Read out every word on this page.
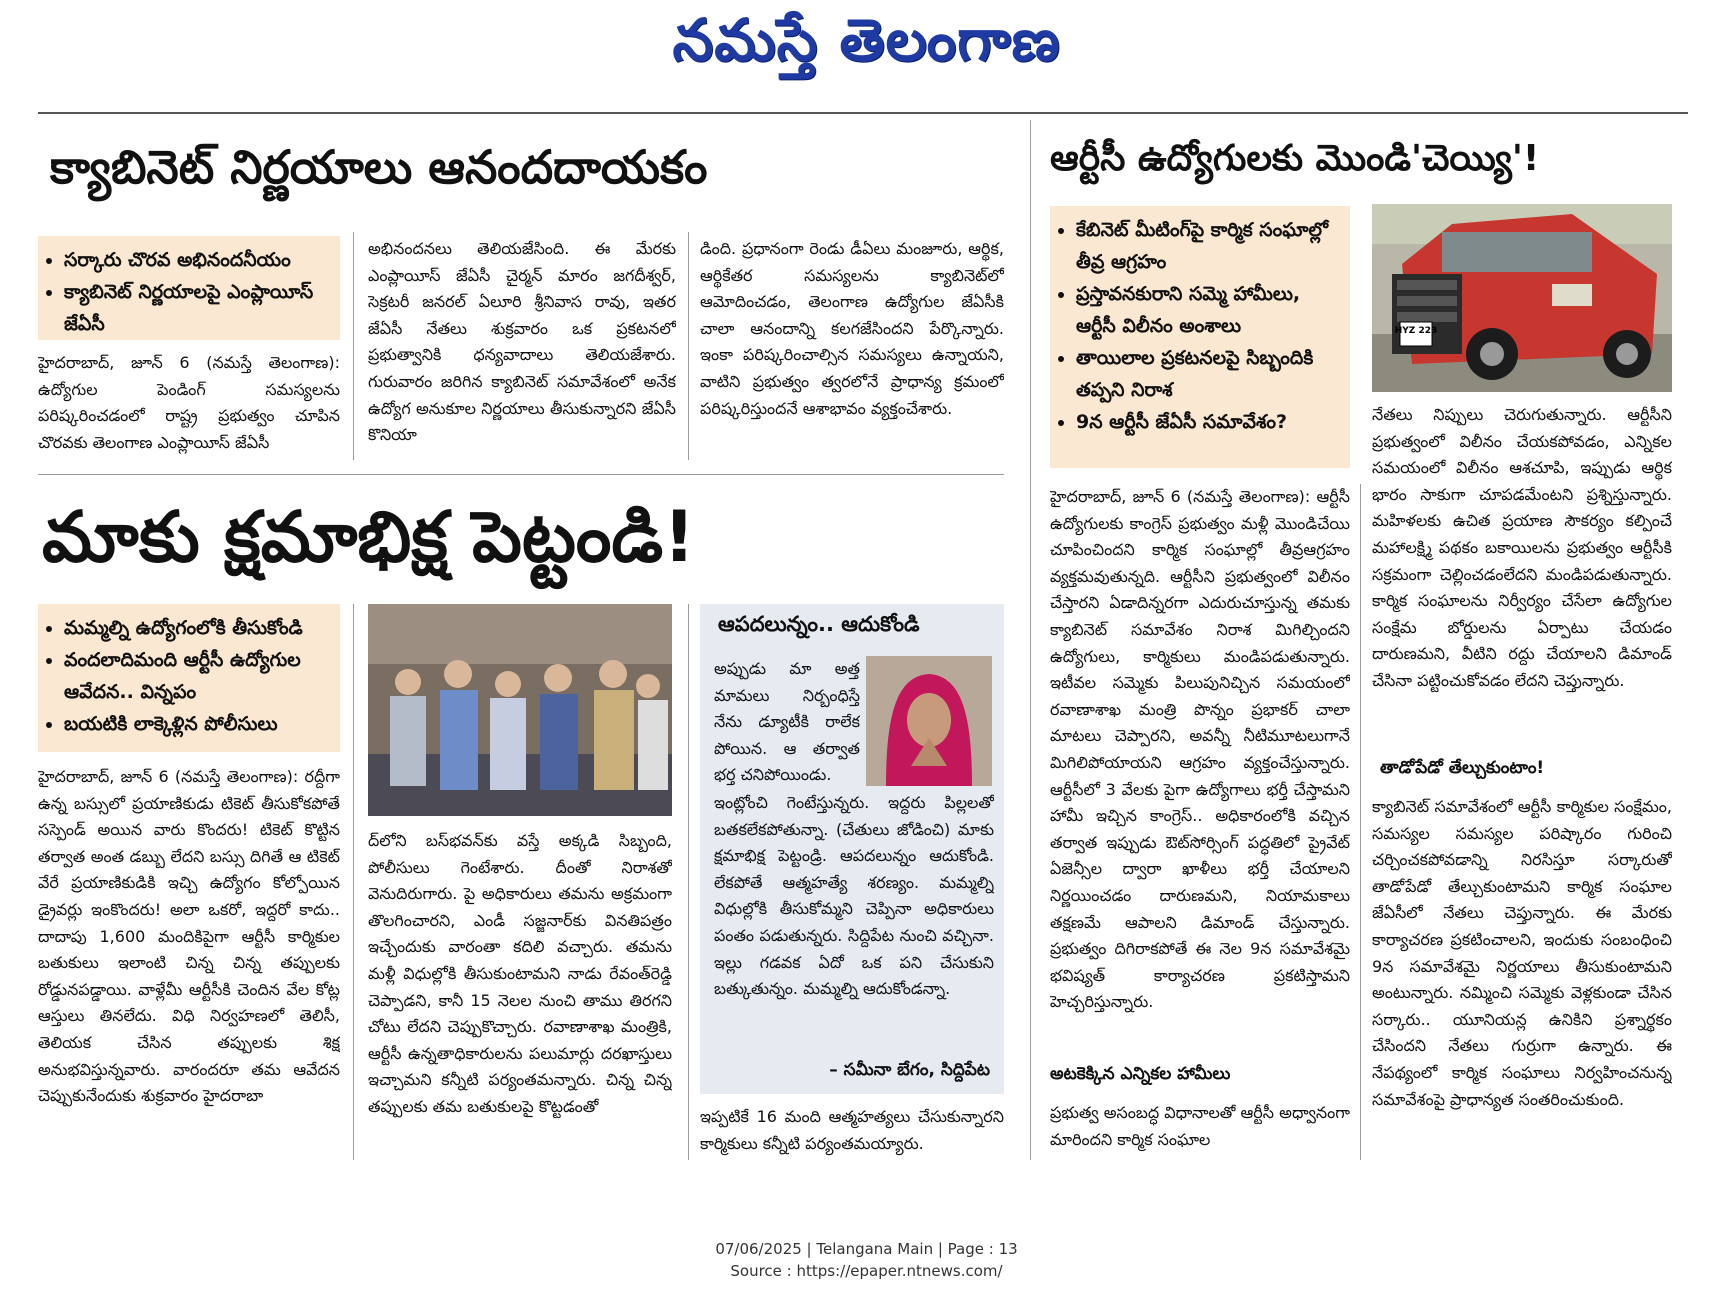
నమస్తే తెలంగాణ
క్యాబినెట్ నిర్ణయాలు ఆనందదాయకం
• సర్కారు చొరవ అభినందనీయం
• క్యాబినెట్ నిర్ణయాలపై ఎంప్లాయీస్ జేఏసీ
హైదరాబాద్, జూన్ 6 (నమస్తే తెలంగాణ): ఉద్యోగుల పెండింగ్ సమస్యలను పరిష్కరించడంలో రాష్ట్ర ప్రభుత్వం చూపిన చొరవకు తెలంగాణ ఎంప్లాయీస్ జేఏసీ
అభినందనలు తెలియజేసింది. ఈ మేరకు ఎంప్లాయీస్ జేఏసీ చైర్మన్ మారం జగదీశ్వర్, సెక్రటరీ జనరల్ ఏలూరి శ్రీనివాస రావు, ఇతర జేఏసీ నేతలు శుక్రవారం ఒక ప్రకటనలో ప్రభుత్వానికి ధన్యవాదాలు తెలియజేశారు. గురువారం జరిగిన క్యాబినెట్ సమావేశంలో అనేక ఉద్యోగ అనుకూల నిర్ణయాలు తీసుకున్నారని జేఏసీ కొనియా
డింది. ప్రధానంగా రెండు డీఏలు మంజూరు, ఆర్థిక, ఆర్థికేతర సమస్యలను క్యాబినెట్‌లో ఆమోదించడం, తెలంగాణ ఉద్యోగుల జేఏసీకి చాలా ఆనందాన్ని కలగజేసిందని పేర్కొన్నారు. ఇంకా పరిష్కరించాల్సిన సమస్యలు ఉన్నాయని, వాటిని ప్రభుత్వం త్వరలోనే ప్రాధాన్య క్రమంలో పరిష్కరిస్తుందనే ఆశాభావం వ్యక్తంచేశారు.
ఆర్టీసీ ఉద్యోగులకు మొండి'చెయ్యి'!
• కేబినెట్ మీటింగ్‌పై కార్మిక సంఘాల్లో తీవ్ర ఆగ్రహం
• ప్రస్తావనకురాని సమ్మె హామీలు, ఆర్టీసీ విలీనం అంశాలు
• తాయిలాల ప్రకటనలపై సిబ్బందికి తప్పని నిరాశ
• 9న ఆర్టీసీ జేఏసీ సమావేశం?
HYZ 223
హైదరాబాద్, జూన్ 6 (నమస్తే తెలంగాణ): ఆర్టీసీ ఉద్యోగులకు కాంగ్రెస్ ప్రభుత్వం మళ్లీ మొండిచేయి చూపించిందని కార్మిక సంఘాల్లో తీవ్రఆగ్రహం వ్యక్తమవుతున్నది. ఆర్టీసీని ప్రభుత్వంలో విలీనం చేస్తారని ఏడాదిన్నరగా ఎదురుచూస్తున్న తమకు క్యాబినెట్ సమావేశం నిరాశ మిగిల్చిందని ఉద్యోగులు, కార్మికులు మండిపడుతున్నారు. ఇటీవల సమ్మెకు పిలుపునిచ్చిన సమయంలో రవాణాశాఖ మంత్రి పొన్నం ప్రభాకర్ చాలా మాటలు చెప్పారని, అవన్నీ నీటిమూటలుగానే మిగిలిపోయాయని ఆగ్రహం వ్యక్తంచేస్తున్నారు. ఆర్టీసీలో 3 వేలకు పైగా ఉద్యోగాలు భర్తీ చేస్తామని హామీ ఇచ్చిన కాంగ్రెస్.. అధికారంలోకి వచ్చిన తర్వాత ఇప్పుడు ఔట్‌సోర్సింగ్ పద్ధతిలో ప్రైవేట్ ఏజెన్సీల ద్వారా ఖాళీలు భర్తీ చేయాలని నిర్ణయించడం దారుణమని, నియామకాలు తక్షణమే ఆపాలని డిమాండ్ చేస్తున్నారు. ప్రభుత్వం దిగిరాకపోతే ఈ నెల 9న సమావేశమై భవిష్యత్ కార్యాచరణ ప్రకటిస్తామని హెచ్చరిస్తున్నారు.
అటకెక్కిన ఎన్నికల హామీలు
ప్రభుత్వ అసంబద్ధ విధానాలతో ఆర్టీసీ అధ్వానంగా మారిందని కార్మిక సంఘాల
నేతలు నిప్పులు చెరుగుతున్నారు. ఆర్టీసీని ప్రభుత్వంలో విలీనం చేయకపోవడం, ఎన్నికల సమయంలో విలీనం ఆశచూపి, ఇప్పుడు ఆర్థిక భారం సాకుగా చూపడమేంటని ప్రశ్నిస్తున్నారు. మహిళలకు ఉచిత ప్రయాణ సౌకర్యం కల్పించే మహాలక్ష్మి పథకం బకాయిలను ప్రభుత్వం ఆర్టీసీకి సక్రమంగా చెల్లించడంలేదని మండిపడుతున్నారు. కార్మిక సంఘాలను నిర్వీర్యం చేసేలా ఉద్యోగుల సంక్షేమ బోర్డులను ఏర్పాటు చేయడం దారుణమని, వీటిని రద్దు చేయాలని డిమాండ్ చేసినా పట్టించుకోవడం లేదని చెప్తున్నారు.
తాడోపేడో తేల్చుకుంటాం!
క్యాబినెట్ సమావేశంలో ఆర్టీసీ కార్మికుల సంక్షేమం, సమస్యల సమస్యల పరిష్కారం గురించి చర్చించకపోవడాన్ని నిరసిస్తూ సర్కారుతో తాడోపేడో తేల్చుకుంటామని కార్మిక సంఘాల జేఏసీలో నేతలు చెప్తున్నారు. ఈ మేరకు కార్యాచరణ ప్రకటించాలని, ఇందుకు సంబంధించి 9న సమావేశమై నిర్ణయాలు తీసుకుంటామని అంటున్నారు. నమ్మించి సమ్మెకు వెళ్లకుండా చేసిన సర్కారు.. యూనియన్ల ఉనికిని ప్రశ్నార్థకం చేసిందని నేతలు గుర్రుగా ఉన్నారు. ఈ నేపథ్యంలో కార్మిక సంఘాలు నిర్వహించనున్న సమావేశంపై ప్రాధాన్యత సంతరించుకుంది.
మాకు క్షమాభిక్ష పెట్టండి!
• మమ్మల్ని ఉద్యోగంలోకి తీసుకోండి
• వందలాదిమంది ఆర్టీసీ ఉద్యోగుల ఆవేదన.. విన్నపం
• బయటికి లాక్కెళ్లిన పోలీసులు
హైదరాబాద్, జూన్ 6 (నమస్తే తెలంగాణ): రద్దీగా ఉన్న బస్సులో ప్రయాణికుడు టికెట్ తీసుకోకపోతే సస్పెండ్ అయిన వారు కొందరు! టికెట్ కొట్టిన తర్వాత అంత డబ్బు లేదని బస్సు దిగితే ఆ టికెట్ వేరే ప్రయాణికుడికి ఇచ్చి ఉద్యోగం కోల్పోయిన డ్రైవర్లు ఇంకొందరు! అలా ఒకరో, ఇద్దరో కాదు.. దాదాపు 1,600 మందికిపైగా ఆర్టీసీ కార్మికుల బతుకులు ఇలాంటి చిన్న చిన్న తప్పులకు రోడ్డునపడ్డాయి. వాళ్లేమీ ఆర్టీసీకి చెందిన వేల కోట్ల ఆస్తులు తినలేదు. విధి నిర్వహణలో తెలిసీ, తెలియక చేసిన తప్పులకు శిక్ష అనుభవిస్తున్నవారు. వారందరూ తమ ఆవేదన చెప్పుకునేందుకు శుక్రవారం హైదరాబా
ద్‌లోని బస్‌భవన్‌కు వస్తే అక్కడి సిబ్బంది, పోలీసులు గెంటేశారు. దీంతో నిరాశతో వెనుదిరుగారు. పై అధికారులు తమను అక్రమంగా తొలగించారని, ఎండీ సజ్జనార్‌కు వినతిపత్రం ఇచ్చేందుకు వారంతా కదిలి వచ్చారు. తమను మళ్లీ విధుల్లోకి తీసుకుంటామని నాడు రేవంత్‌రెడ్డి చెప్పాడని, కానీ 15 నెలల నుంచి తాము తిరగని చోటు లేదని చెప్పుకొచ్చారు. రవాణాశాఖ మంత్రికి, ఆర్టీసీ ఉన్నతాధికారులను పలుమార్లు దరఖాస్తులు ఇచ్చామని కన్నీటి పర్యంతమన్నారు. చిన్న చిన్న తప్పులకు తమ బతుకులపై కొట్టడంతో
ఆపదలున్నం.. ఆదుకోండి
అప్పుడు మా అత్త మామలు నిర్బంధిస్తే నేను డ్యూటీకి రాలేక పోయిన. ఆ తర్వాత భర్త చనిపోయిండు.
ఇంట్లోంచి గెంటేస్తున్నరు. ఇద్దరు పిల్లలతో బతకలేకపోతున్నా. (చేతులు జోడించి) మాకు క్షమాభిక్ష పెట్టండ్రి. ఆపదలున్నం ఆదుకోండి. లేకపోతే ఆత్మహత్యే శరణ్యం. మమ్మల్ని విధుల్లోకి తీసుకోమ్మని చెప్పినా అధికారులు పంతం పడుతున్నరు. సిద్దిపేట నుంచి వచ్చినా. ఇల్లు గడవక ఏదో ఒక పని చేసుకుని బత్కుతున్నం. మమ్మల్ని ఆదుకోండన్నా.
– సమీనా బేగం, సిద్దిపేట
ఇప్పటికే 16 మంది ఆత్మహత్యలు చేసుకున్నారని కార్మికులు కన్నీటి పర్యంతమయ్యారు.
07/06/2025 | Telangana Main | Page : 13
Source : https://epaper.ntnews.com/
